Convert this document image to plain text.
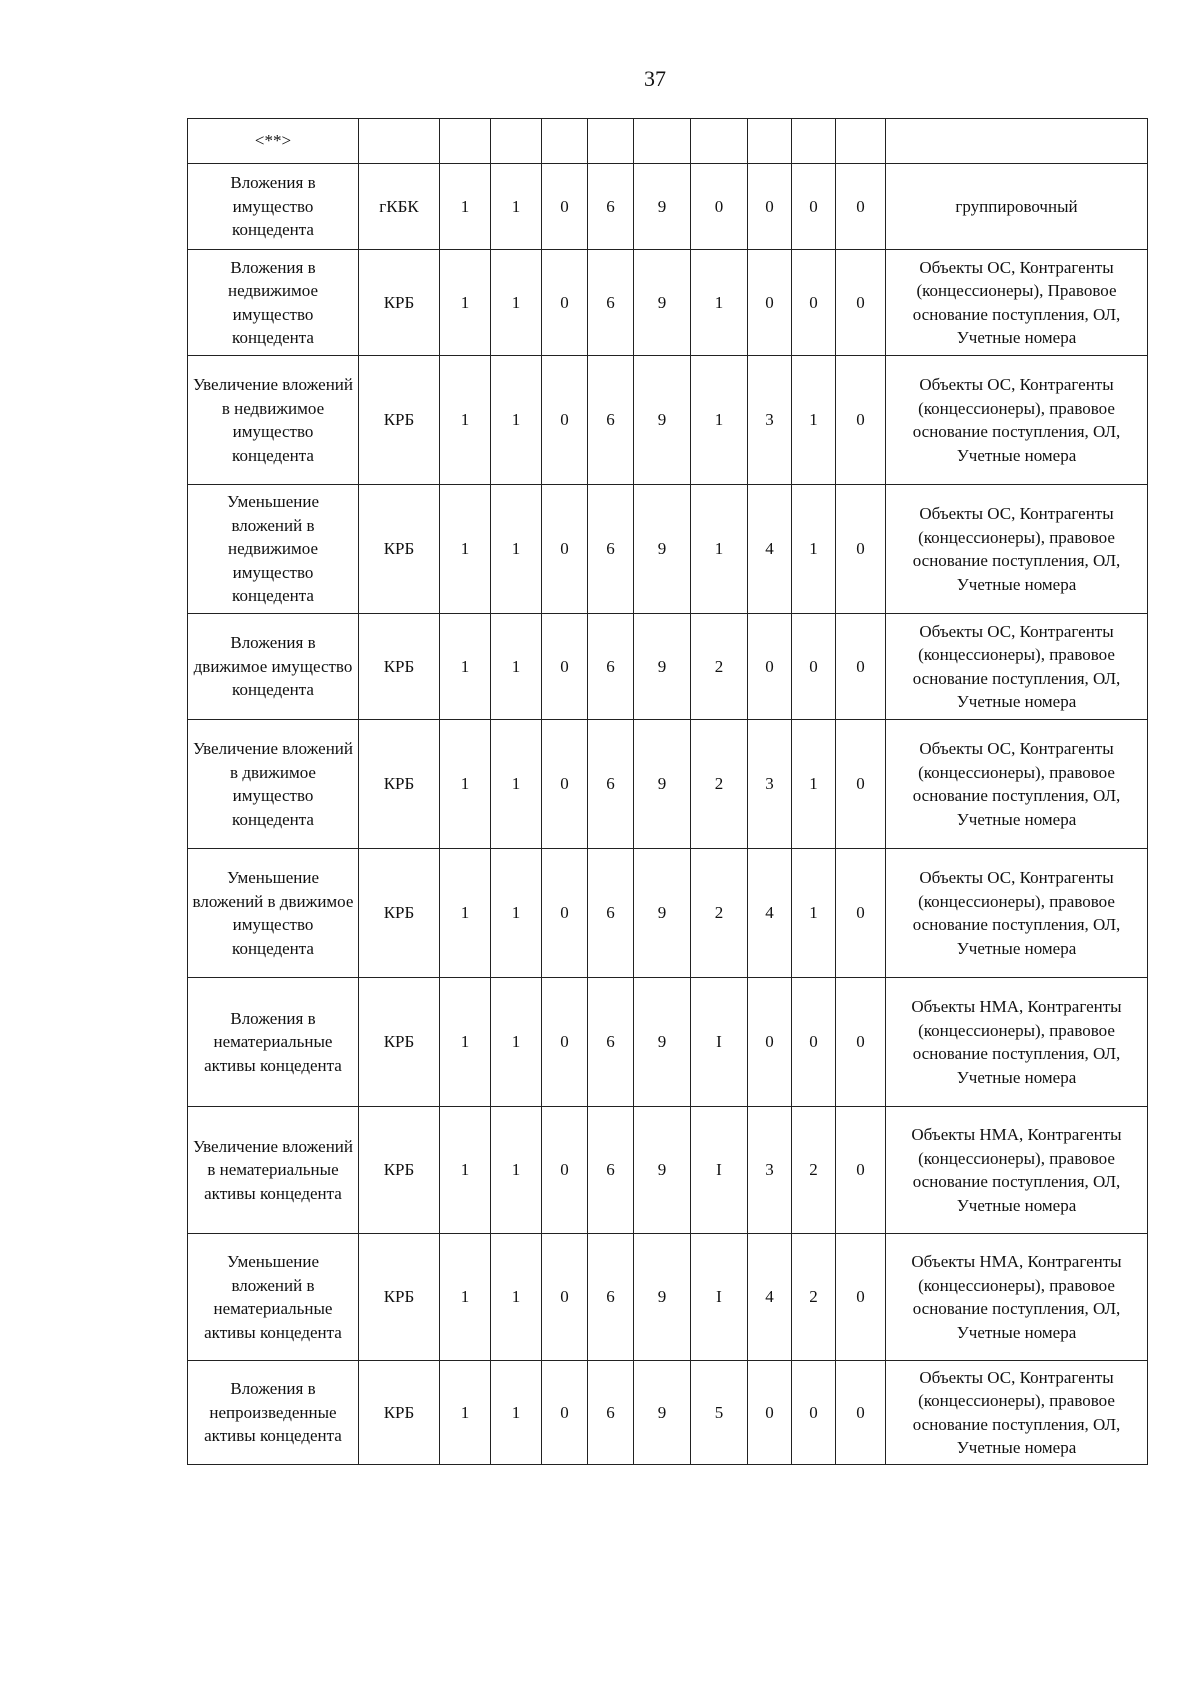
37
<**>											
Вложения в имущество концедента	гКБК	1	1	0	6	9	0	0	0	0	группировочный
Вложения в недвижимое имущество концедента	КРБ	1	1	0	6	9	1	0	0	0	Объекты ОС, Контрагенты (концессионеры), Правовое основание поступления, ОЛ, Учетные номера
Увеличение вложений в недвижимое имущество концедента	КРБ	1	1	0	6	9	1	3	1	0	Объекты ОС, Контрагенты (концессионеры), правовое основание поступления, ОЛ, Учетные номера
Уменьшение вложений в недвижимое имущество концедента	КРБ	1	1	0	6	9	1	4	1	0	Объекты ОС, Контрагенты (концессионеры), правовое основание поступления, ОЛ, Учетные номера
Вложения в движимое имущество концедента	КРБ	1	1	0	6	9	2	0	0	0	Объекты ОС, Контрагенты (концессионеры), правовое основание поступления, ОЛ, Учетные номера
Увеличение вложений в движимое имущество концедента	КРБ	1	1	0	6	9	2	3	1	0	Объекты ОС, Контрагенты (концессионеры), правовое основание поступления, ОЛ, Учетные номера
Уменьшение вложений в движимое имущество концедента	КРБ	1	1	0	6	9	2	4	1	0	Объекты ОС, Контрагенты (концессионеры), правовое основание поступления, ОЛ, Учетные номера
Вложения в нематериальные активы концедента	КРБ	1	1	0	6	9	I	0	0	0	Объекты НМА, Контрагенты (концессионеры), правовое основание поступления, ОЛ, Учетные номера
Увеличение вложений в нематериальные активы концедента	КРБ	1	1	0	6	9	I	3	2	0	Объекты НМА, Контрагенты (концессионеры), правовое основание поступления, ОЛ, Учетные номера
Уменьшение вложений в нематериальные активы концедента	КРБ	1	1	0	6	9	I	4	2	0	Объекты НМА, Контрагенты (концессионеры), правовое основание поступления, ОЛ, Учетные номера
Вложения в непроизведенные активы концедента	КРБ	1	1	0	6	9	5	0	0	0	Объекты ОС, Контрагенты (концессионеры), правовое основание поступления, ОЛ, Учетные номера
